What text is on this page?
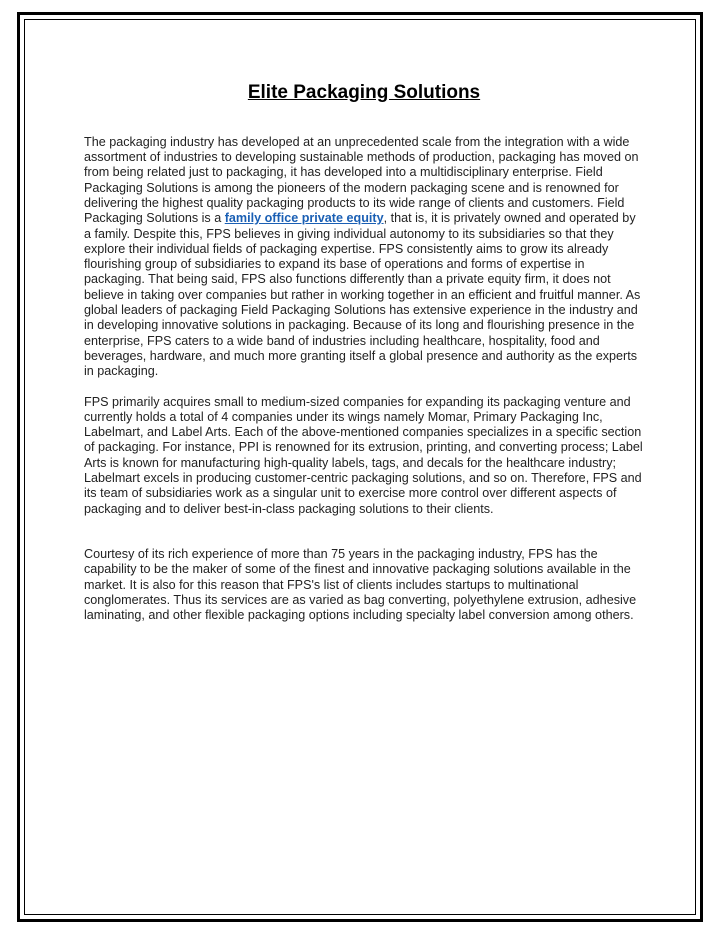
Elite Packaging Solutions

The packaging industry has developed at an unprecedented scale from the integration with a wide assortment of industries to developing sustainable methods of production, packaging has moved on from being related just to packaging, it has developed into a multidisciplinary enterprise. Field Packaging Solutions is among the pioneers of the modern packaging scene and is renowned for delivering the highest quality packaging products to its wide range of clients and customers. Field Packaging Solutions is a family office private equity, that is, it is privately owned and operated by a family. Despite this, FPS believes in giving individual autonomy to its subsidiaries so that they explore their individual fields of packaging expertise. FPS consistently aims to grow its already flourishing group of subsidiaries to expand its base of operations and forms of expertise in packaging. That being said, FPS also functions differently than a private equity firm, it does not believe in taking over companies but rather in working together in an efficient and fruitful manner. As global leaders of packaging Field Packaging Solutions has extensive experience in the industry and in developing innovative solutions in packaging. Because of its long and flourishing presence in the enterprise, FPS caters to a wide band of industries including healthcare, hospitality, food and beverages, hardware, and much more granting itself a global presence and authority as the experts in packaging.

FPS primarily acquires small to medium-sized companies for expanding its packaging venture and currently holds a total of 4 companies under its wings namely Momar, Primary Packaging Inc, Labelmart, and Label Arts. Each of the above-mentioned companies specializes in a specific section of packaging. For instance, PPI is renowned for its extrusion, printing, and converting process; Label Arts is known for manufacturing high-quality labels, tags, and decals for the healthcare industry; Labelmart excels in producing customer-centric packaging solutions, and so on. Therefore, FPS and its team of subsidiaries work as a singular unit to exercise more control over different aspects of packaging and to deliver best-in-class packaging solutions to their clients.

Courtesy of its rich experience of more than 75 years in the packaging industry, FPS has the capability to be the maker of some of the finest and innovative packaging solutions available in the market. It is also for this reason that FPS's list of clients includes startups to multinational conglomerates. Thus its services are as varied as bag converting, polyethylene extrusion, adhesive laminating, and other flexible packaging options including specialty label conversion among others.
